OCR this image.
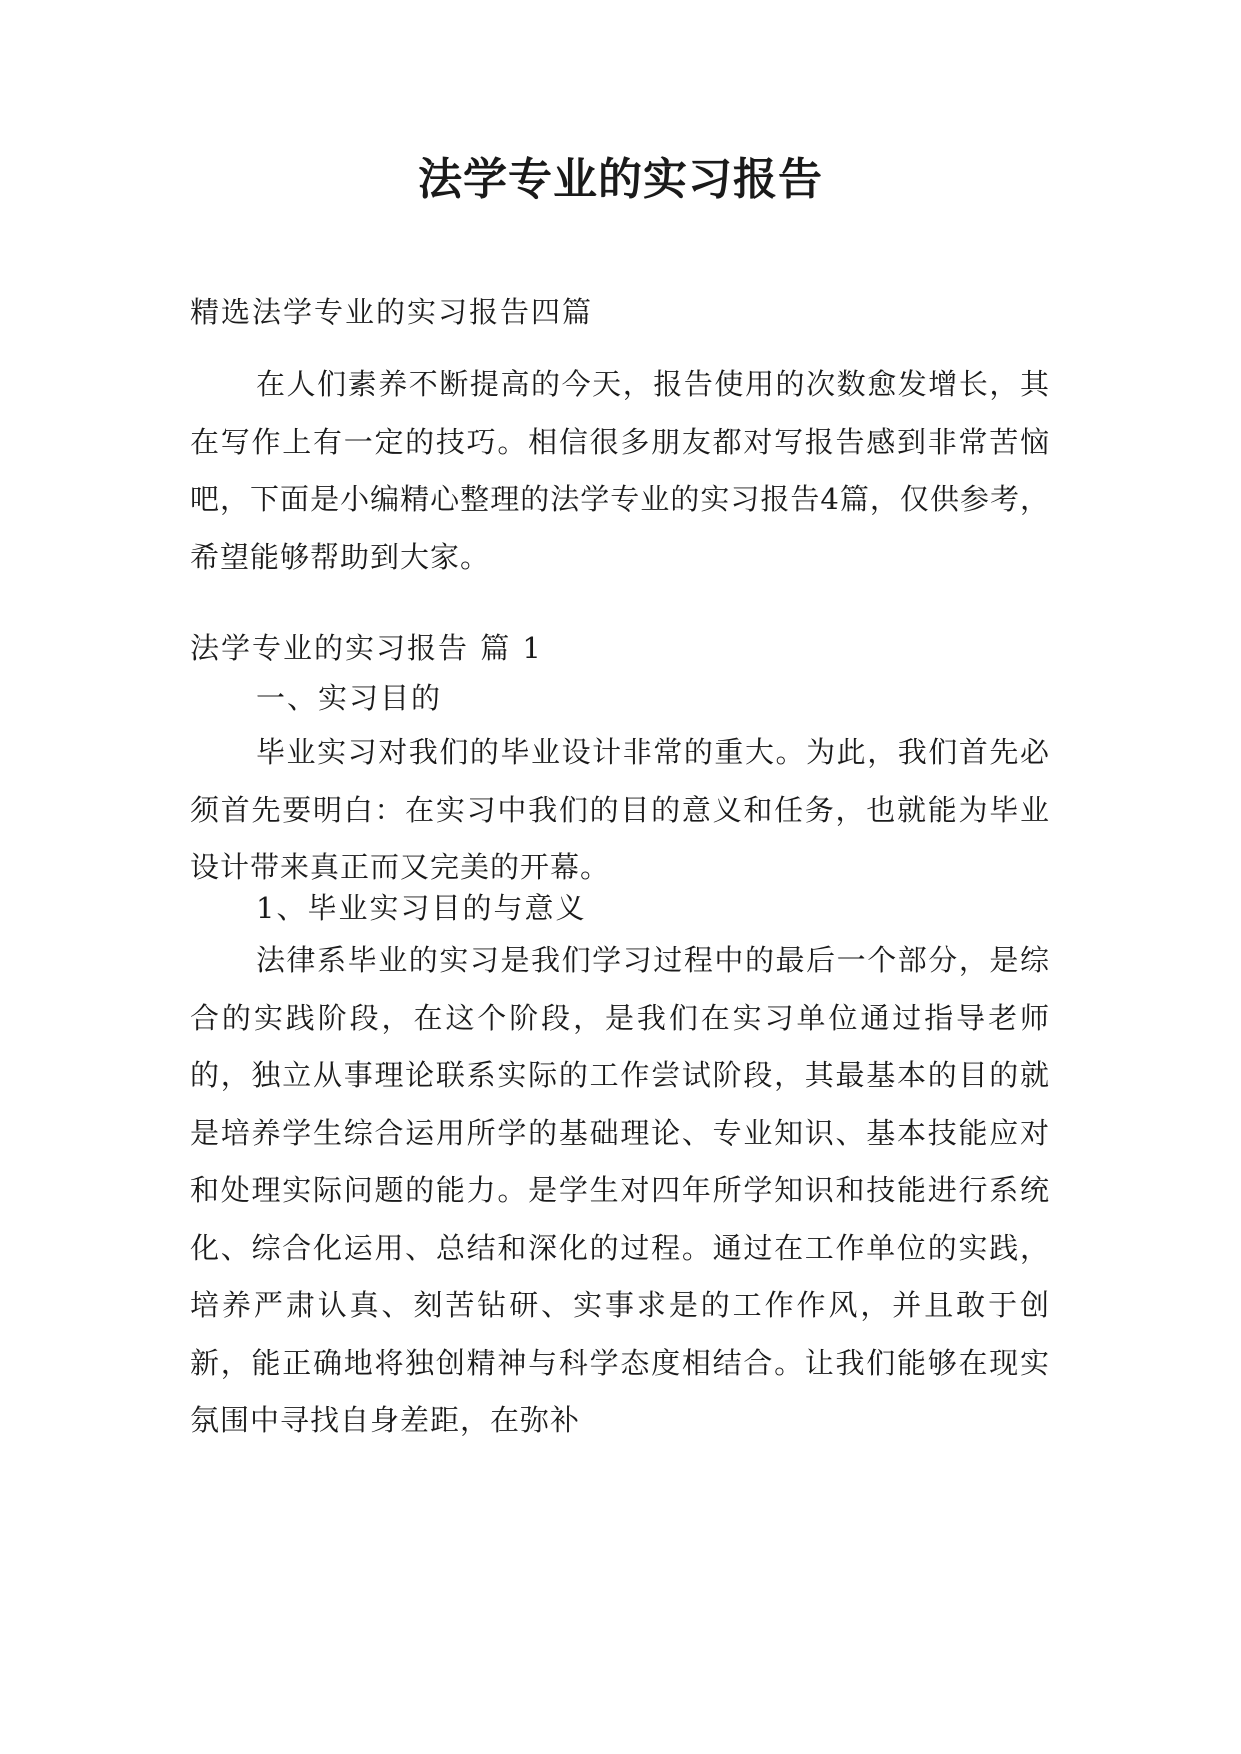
法学专业的实习报告
精选法学专业的实习报告四篇

在人们素养不断提高的今天，报告使用的次数愈发增长，其在写作上有一定的技巧。相信很多朋友都对写报告感到非常苦恼吧，下面是小编精心整理的法学专业的实习报告4篇，仅供参考，希望能够帮助到大家。

法学专业的实习报告 篇 1
一、实习目的

毕业实习对我们的毕业设计非常的重大。为此，我们首先必须首先要明白：在实习中我们的目的意义和任务，也就能为毕业设计带来真正而又完美的开幕。

1、毕业实习目的与意义

法律系毕业的实习是我们学习过程中的最后一个部分，是综合的实践阶段，在这个阶段，是我们在实习单位通过指导老师的，独立从事理论联系实际的工作尝试阶段，其最基本的目的就是培养学生综合运用所学的基础理论、专业知识、基本技能应对和处理实际问题的能力。是学生对四年所学知识和技能进行系统化、综合化运用、总结和深化的过程。通过在工作单位的实践，培养严肃认真、刻苦钻研、实事求是的工作作风，并且敢于创新，能正确地将独创精神与科学态度相结合。让我们能够在现实氛围中寻找自身差距，在弥补
